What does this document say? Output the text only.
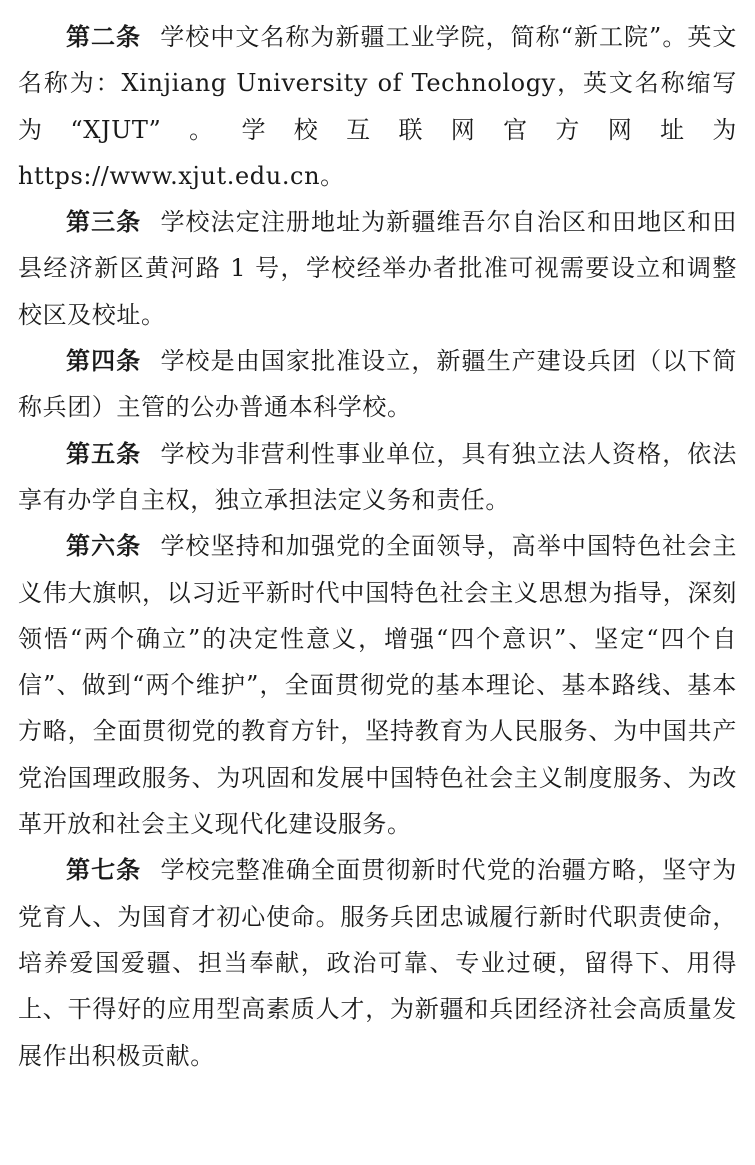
第二条 学校中文名称为新疆工业学院，简称“新工院”。英文名称为：Xinjiang University of Technology，英文名称缩写为“XJUT”。学校互联网官方网址为 https://www.xjut.edu.cn。

第三条 学校法定注册地址为新疆维吾尔自治区和田地区和田县经济新区黄河路 1 号，学校经举办者批准可视需要设立和调整校区及校址。

第四条 学校是由国家批准设立，新疆生产建设兵团（以下简称兵团）主管的公办普通本科学校。

第五条 学校为非营利性事业单位，具有独立法人资格，依法享有办学自主权，独立承担法定义务和责任。

第六条 学校坚持和加强党的全面领导，高举中国特色社会主义伟大旗帜，以习近平新时代中国特色社会主义思想为指导，深刻领悟“两个确立”的决定性意义，增强“四个意识”、坚定“四个自信”、做到“两个维护”，全面贯彻党的基本理论、基本路线、基本方略，全面贯彻党的教育方针，坚持教育为人民服务、为中国共产党治国理政服务、为巩固和发展中国特色社会主义制度服务、为改革开放和社会主义现代化建设服务。

第七条 学校完整准确全面贯彻新时代党的治疆方略，坚守为党育人、为国育才初心使命。服务兵团忠诚履行新时代职责使命，培养爱国爱疆、担当奉献，政治可靠、专业过硬，留得下、用得上、干得好的应用型高素质人才，为新疆和兵团经济社会高质量发展作出积极贡献。
